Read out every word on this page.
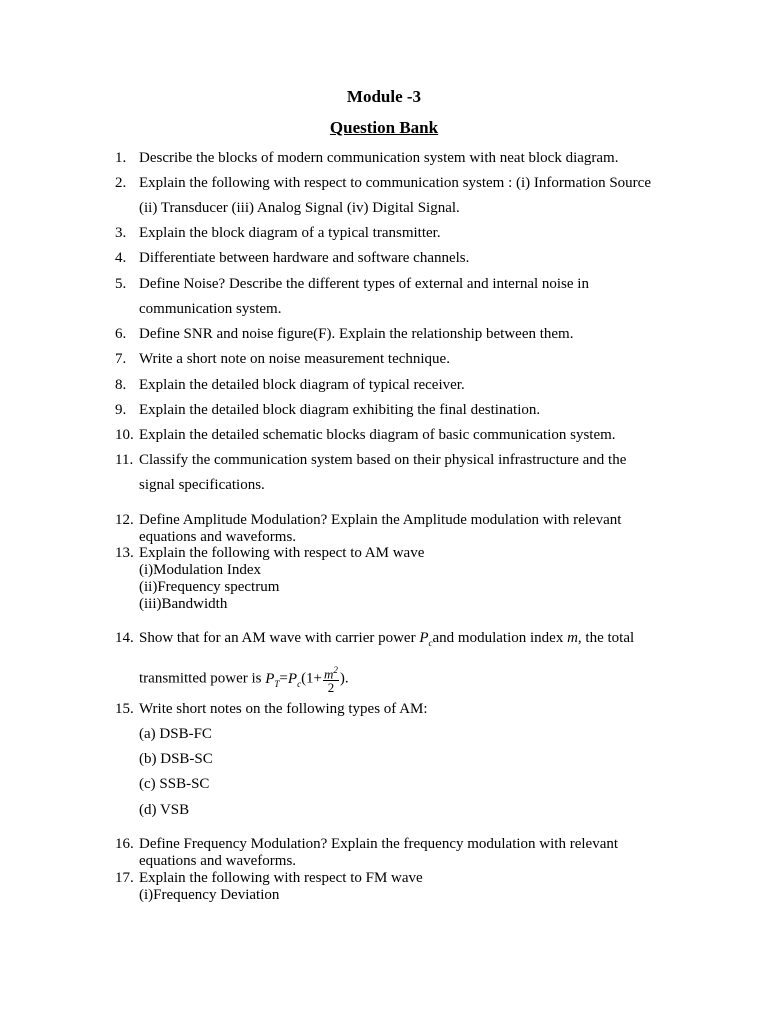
Module -3
Question Bank
1. Describe the blocks of modern communication system with neat block diagram.
2. Explain the following with respect to communication system : (i) Information Source
(ii) Transducer (iii) Analog Signal (iv) Digital Signal.
3. Explain the block diagram of a typical transmitter.
4. Differentiate between hardware and software channels.
5. Define Noise? Describe the different types of external and internal noise in
communication system.
6. Define SNR and noise figure(F). Explain the relationship between them.
7. Write a short note on noise measurement technique.
8. Explain the detailed block diagram of typical receiver.
9. Explain the detailed block diagram exhibiting the final destination.
10. Explain the detailed schematic blocks diagram of basic communication system.
11. Classify the communication system based on their physical infrastructure and the
signal specifications.
12. Define Amplitude Modulation? Explain the Amplitude modulation with relevant
equations and waveforms.
13. Explain the following with respect to AM wave
(i)Modulation Index
(ii)Frequency spectrum
(iii)Bandwidth
14. Show that for an AM wave with carrier power $P_cand$ modulation index m, the total
transmitted power is $P_T=P_c(1+ \frac{m^2}{2}$ ).
15. Write short notes on the following types of AM:
(a) DSB-FC
(b) DSB-SC
(c) SSB-SC
(d) VSB
16. Define Frequency Modulation? Explain the frequency modulation with relevant
equations and waveforms.
17. Explain the following with respect to FM wave
(i)Frequency Deviation
